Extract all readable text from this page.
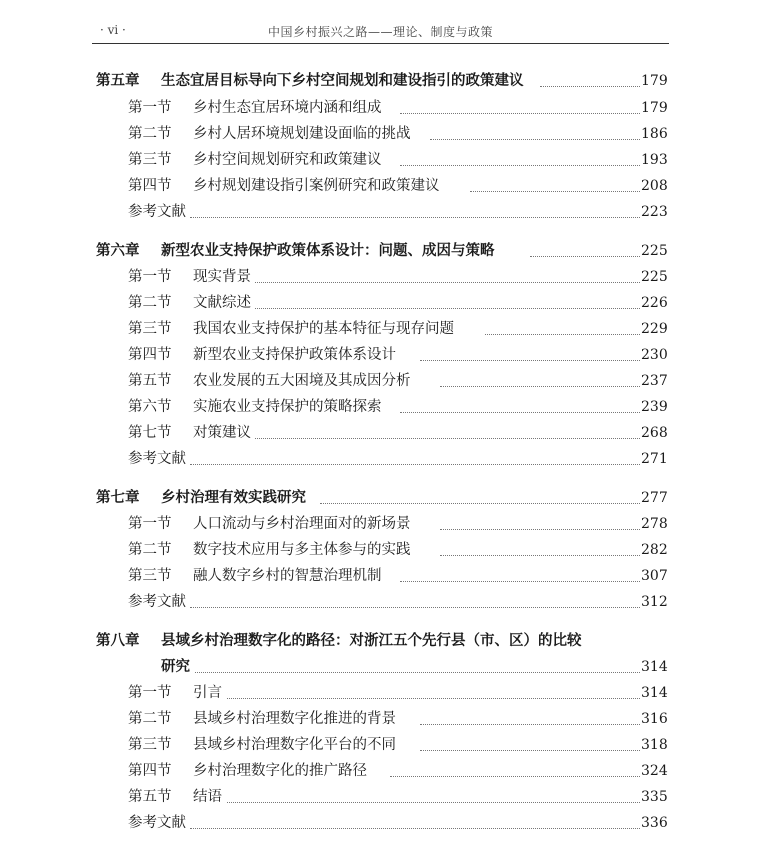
· vi ·	中国乡村振兴之路——理论、制度与政策
第五章 生态宜居目标导向下乡村空间规划和建设指引的政策建议	179
第一节 乡村生态宜居环境内涵和组成	179
第二节 乡村人居环境规划建设面临的挑战	186
第三节 乡村空间规划研究和政策建议	193
第四节 乡村规划建设指引案例研究和政策建议	208
参考文献	223
第六章 新型农业支持保护政策体系设计：问题、成因与策略	225
第一节 现实背景	225
第二节 文献综述	226
第三节 我国农业支持保护的基本特征与现存问题	229
第四节 新型农业支持保护政策体系设计	230
第五节 农业发展的五大困境及其成因分析	237
第六节 实施农业支持保护的策略探索	239
第七节 对策建议	268
参考文献	271
第七章 乡村治理有效实践研究	277
第一节 人口流动与乡村治理面对的新场景	278
第二节 数字技术应用与多主体参与的实践	282
第三节 融人数字乡村的智慧治理机制	307
参考文献	312
第八章 县域乡村治理数字化的路径：对浙江五个先行县（市、区）的比较
研究	314
第一节 引言	314
第二节 县域乡村治理数字化推进的背景	316
第三节 县域乡村治理数字化平台的不同	318
第四节 乡村治理数字化的推广路径	324
第五节 结语	335
参考文献	336
